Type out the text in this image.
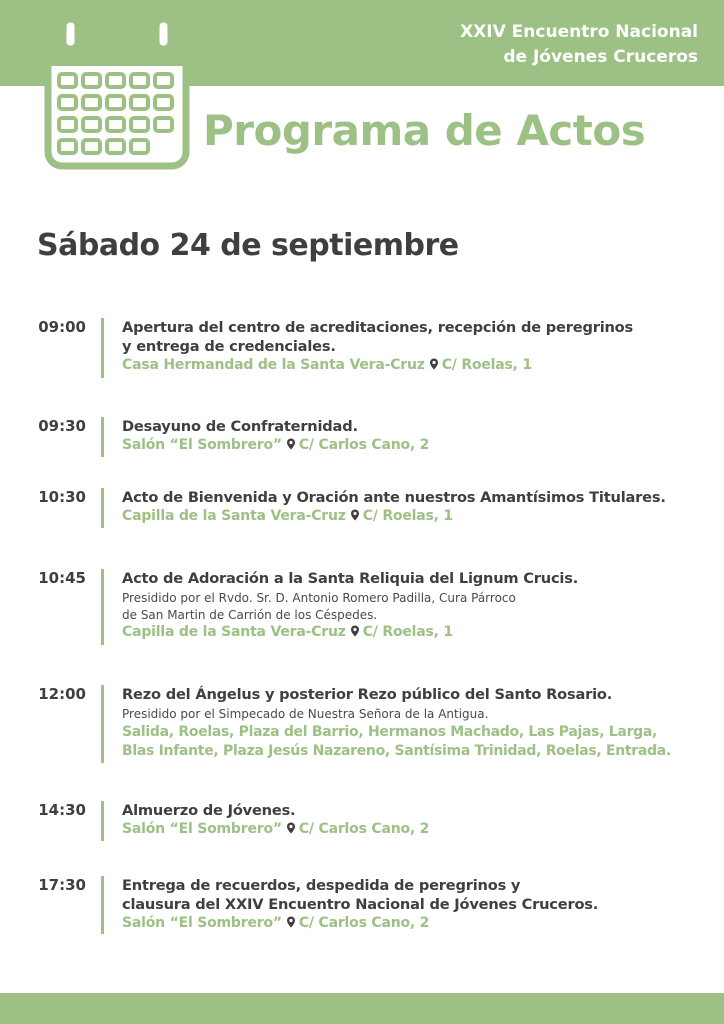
XXIV Encuentro Nacional
de Jóvenes Cruceros
Programa de Actos
Sábado 24 de septiembre
09:00 Apertura del centro de acreditaciones, recepción de peregrinos
y entrega de credenciales.
Casa Hermandad de la Santa Vera-Cruz C/ Roelas, 1
09:30 Desayuno de Confraternidad.
Salón “El Sombrero” C/ Carlos Cano, 2
10:30 Acto de Bienvenida y Oración ante nuestros Amantísimos Titulares.
Capilla de la Santa Vera-Cruz C/ Roelas, 1
10:45 Acto de Adoración a la Santa Reliquia del Lignum Crucis.
Presidido por el Rvdo. Sr. D. Antonio Romero Padilla, Cura Párroco
de San Martin de Carrión de los Céspedes.
Capilla de la Santa Vera-Cruz C/ Roelas, 1
12:00 Rezo del Ángelus y posterior Rezo público del Santo Rosario.
Presidido por el Simpecado de Nuestra Señora de la Antigua.
Salida, Roelas, Plaza del Barrio, Hermanos Machado, Las Pajas, Larga,
Blas Infante, Plaza Jesús Nazareno, Santísima Trinidad, Roelas, Entrada.
14:30 Almuerzo de Jóvenes.
Salón “El Sombrero” C/ Carlos Cano, 2
17:30 Entrega de recuerdos, despedida de peregrinos y
clausura del XXIV Encuentro Nacional de Jóvenes Cruceros.
Salón “El Sombrero” C/ Carlos Cano, 2
